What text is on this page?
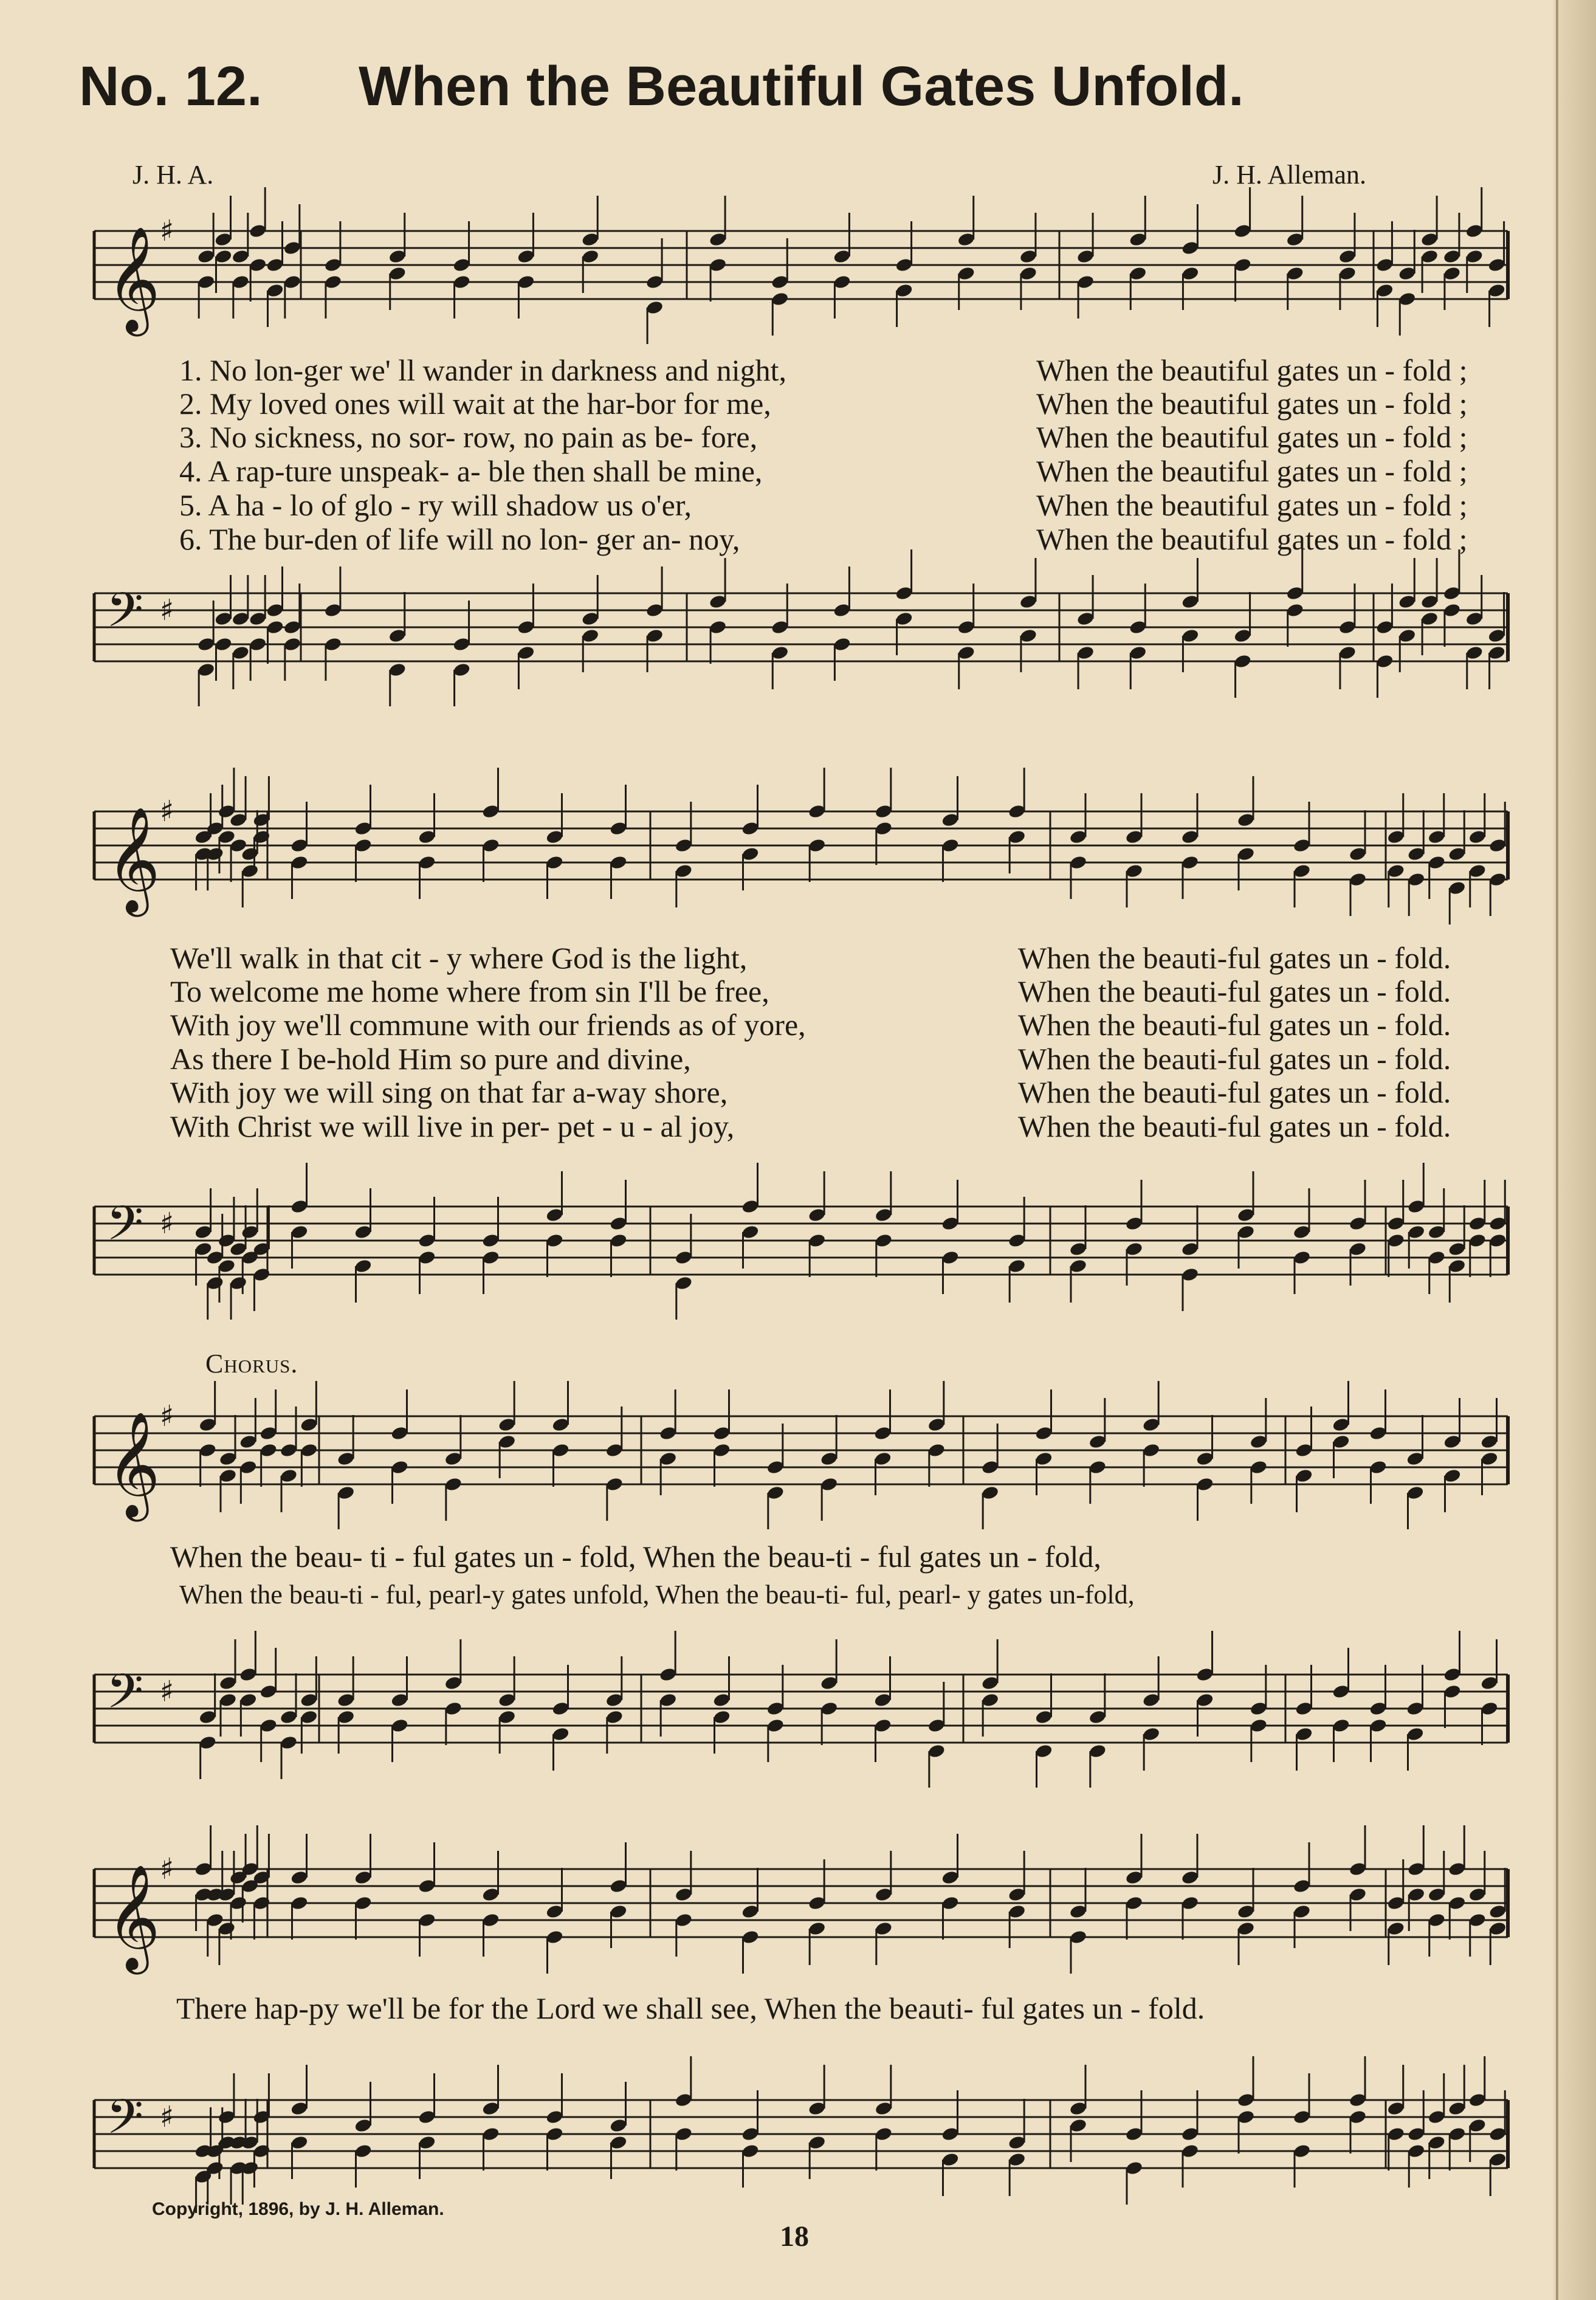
No. 12. When the Beautiful Gates Unfold.
J. H. A.	J. H. Alleman.
𝄞 ♯
𝄢 ♯
1. No lon-ger we' ll wander in darkness and night,	When the beautiful gates un - fold ;
2. My loved ones will wait at the har-bor for me,	When the beautiful gates un - fold ;
3. No sickness, no sor- row, no pain as be- fore,	When the beautiful gates un - fold ;
4. A rap-ture unspeak- a- ble then shall be mine,	When the beautiful gates un - fold ;
5. A ha - lo of glo - ry will shadow us o'er,	When the beautiful gates un - fold ;
6. The bur-den of life will no lon- ger an- noy,	When the beautiful gates un - fold ;
𝄞 ♯
𝄢 ♯
We'll walk in that cit - y where God is the light,	When the beauti-ful gates un - fold.
To welcome me home where from sin I'll be free,	When the beauti-ful gates un - fold.
With joy we'll commune with our friends as of yore,	When the beauti-ful gates un - fold.
As there I be-hold Him so pure and divine,	When the beauti-ful gates un - fold.
With joy we will sing on that far a-way shore,	When the beauti-ful gates un - fold.
With Christ we will live in per- pet - u - al joy,	When the beauti-ful gates un - fold.
Chorus.
𝄞 ♯
𝄢 ♯
When the beau- ti - ful gates un - fold, When the beau-ti - ful gates un - fold,
When the beau-ti - ful, pearl-y gates unfold, When the beau-ti- ful, pearl- y gates un-fold,
𝄞 ♯
𝄢 ♯
There hap-py we'll be for the Lord we shall see, When the beauti- ful gates un - fold.
Copyright, 1896, by J. H. Alleman.
18
